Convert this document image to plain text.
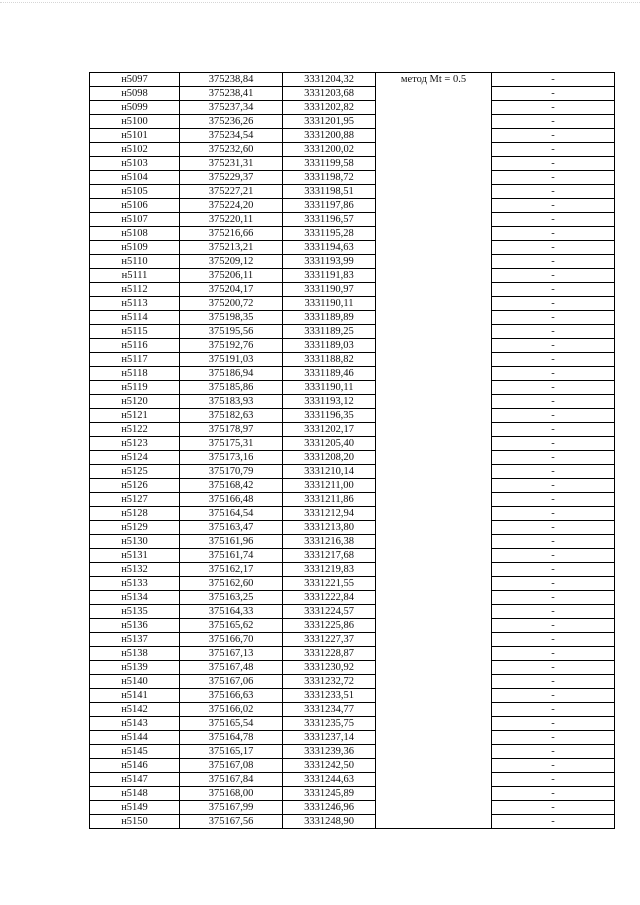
н5097	375238,84	3331204,32	метод Mt = 0.5	-
н5098	375238,41	3331203,68		-
н5099	375237,34	3331202,82		-
н5100	375236,26	3331201,95		-
н5101	375234,54	3331200,88		-
н5102	375232,60	3331200,02		-
н5103	375231,31	3331199,58		-
н5104	375229,37	3331198,72		-
н5105	375227,21	3331198,51		-
н5106	375224,20	3331197,86		-
н5107	375220,11	3331196,57		-
н5108	375216,66	3331195,28		-
н5109	375213,21	3331194,63		-
н5110	375209,12	3331193,99		-
н5111	375206,11	3331191,83		-
н5112	375204,17	3331190,97		-
н5113	375200,72	3331190,11		-
н5114	375198,35	3331189,89		-
н5115	375195,56	3331189,25		-
н5116	375192,76	3331189,03		-
н5117	375191,03	3331188,82		-
н5118	375186,94	3331189,46		-
н5119	375185,86	3331190,11		-
н5120	375183,93	3331193,12		-
н5121	375182,63	3331196,35		-
н5122	375178,97	3331202,17		-
н5123	375175,31	3331205,40		-
н5124	375173,16	3331208,20		-
н5125	375170,79	3331210,14		-
н5126	375168,42	3331211,00		-
н5127	375166,48	3331211,86		-
н5128	375164,54	3331212,94		-
н5129	375163,47	3331213,80		-
н5130	375161,96	3331216,38		-
н5131	375161,74	3331217,68		-
н5132	375162,17	3331219,83		-
н5133	375162,60	3331221,55		-
н5134	375163,25	3331222,84		-
н5135	375164,33	3331224,57		-
н5136	375165,62	3331225,86		-
н5137	375166,70	3331227,37		-
н5138	375167,13	3331228,87		-
н5139	375167,48	3331230,92		-
н5140	375167,06	3331232,72		-
н5141	375166,63	3331233,51		-
н5142	375166,02	3331234,77		-
н5143	375165,54	3331235,75		-
н5144	375164,78	3331237,14		-
н5145	375165,17	3331239,36		-
н5146	375167,08	3331242,50		-
н5147	375167,84	3331244,63		-
н5148	375168,00	3331245,89		-
н5149	375167,99	3331246,96		-
н5150	375167,56	3331248,90		-
